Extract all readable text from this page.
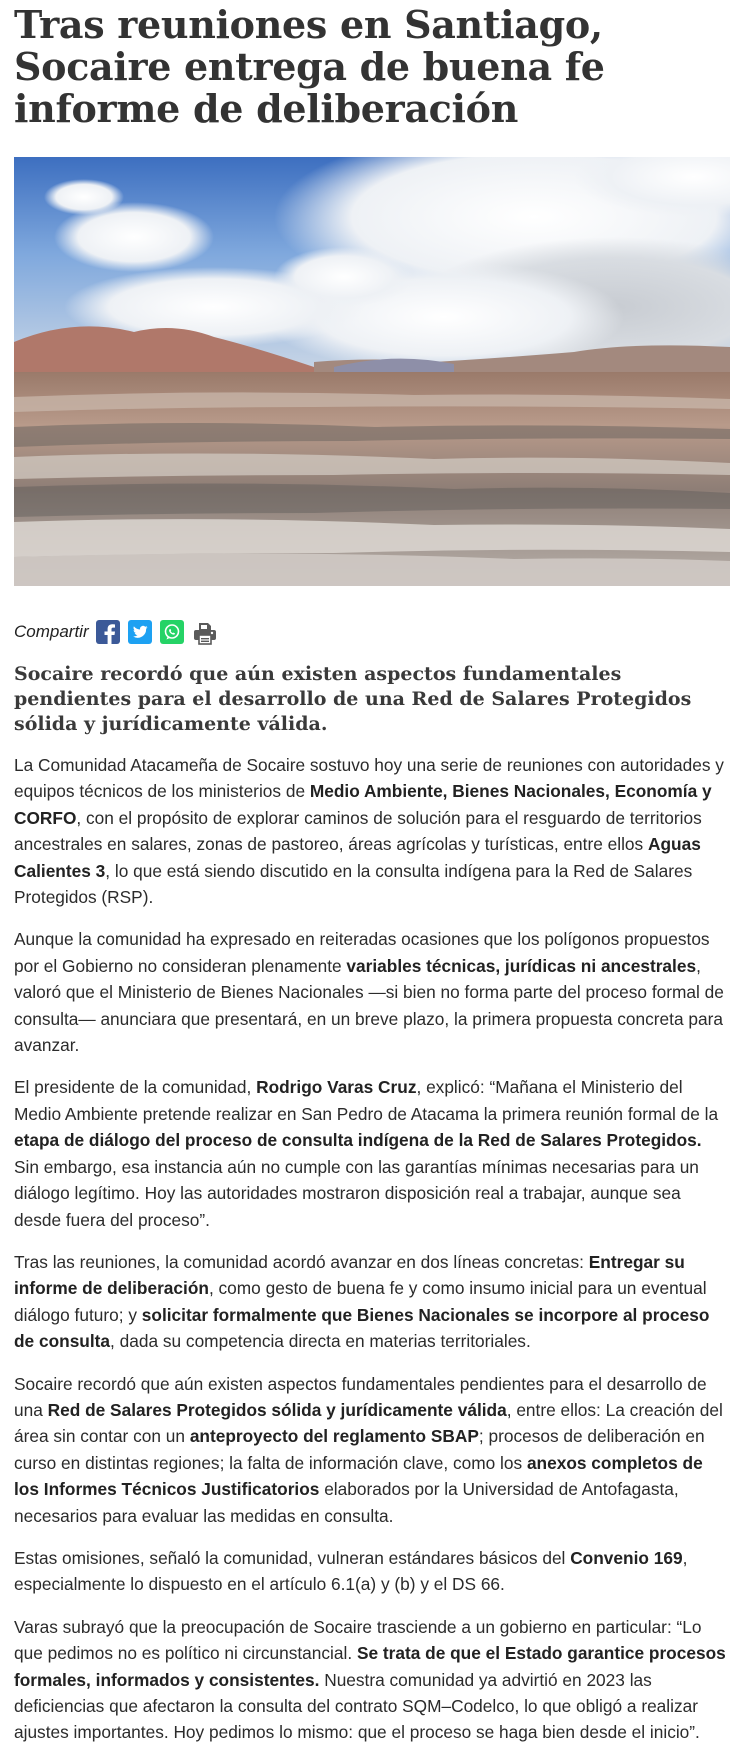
Tras reuniones en Santiago, Socaire entrega de buena fe informe de deliberación
Compartir

Socaire recordó que aún existen aspectos fundamentales pendientes para el desarrollo de una Red de Salares Protegidos sólida y jurídicamente válida.

La Comunidad Atacameña de Socaire sostuvo hoy una serie de reuniones con autoridades y equipos técnicos de los ministerios de Medio Ambiente, Bienes Nacionales, Economía y CORFO, con el propósito de explorar caminos de solución para el resguardo de territorios ancestrales en salares, zonas de pastoreo, áreas agrícolas y turísticas, entre ellos Aguas Calientes 3, lo que está siendo discutido en la consulta indígena para la Red de Salares Protegidos (RSP).

Aunque la comunidad ha expresado en reiteradas ocasiones que los polígonos propuestos por el Gobierno no consideran plenamente variables técnicas, jurídicas ni ancestrales, valoró que el Ministerio de Bienes Nacionales —si bien no forma parte del proceso formal de consulta— anunciara que presentará, en un breve plazo, la primera propuesta concreta para avanzar.

El presidente de la comunidad, Rodrigo Varas Cruz, explicó: “Mañana el Ministerio del Medio Ambiente pretende realizar en San Pedro de Atacama la primera reunión formal de la etapa de diálogo del proceso de consulta indígena de la Red de Salares Protegidos. Sin embargo, esa instancia aún no cumple con las garantías mínimas necesarias para un diálogo legítimo. Hoy las autoridades mostraron disposición real a trabajar, aunque sea desde fuera del proceso”.

Tras las reuniones, la comunidad acordó avanzar en dos líneas concretas: Entregar su informe de deliberación, como gesto de buena fe y como insumo inicial para un eventual diálogo futuro; y solicitar formalmente que Bienes Nacionales se incorpore al proceso de consulta, dada su competencia directa en materias territoriales.

Socaire recordó que aún existen aspectos fundamentales pendientes para el desarrollo de una Red de Salares Protegidos sólida y jurídicamente válida, entre ellos: La creación del área sin contar con un anteproyecto del reglamento SBAP; procesos de deliberación en curso en distintas regiones; la falta de información clave, como los anexos completos de los Informes Técnicos Justificatorios elaborados por la Universidad de Antofagasta, necesarios para evaluar las medidas en consulta.

Estas omisiones, señaló la comunidad, vulneran estándares básicos del Convenio 169, especialmente lo dispuesto en el artículo 6.1(a) y (b) y el DS 66.

Varas subrayó que la preocupación de Socaire trasciende a un gobierno en particular: “Lo que pedimos no es político ni circunstancial. Se trata de que el Estado garantice procesos formales, informados y consistentes. Nuestra comunidad ya advirtió en 2023 las deficiencias que afectaron la consulta del contrato SQM–Codelco, lo que obligó a realizar ajustes importantes. Hoy pedimos lo mismo: que el proceso se haga bien desde el inicio”.
